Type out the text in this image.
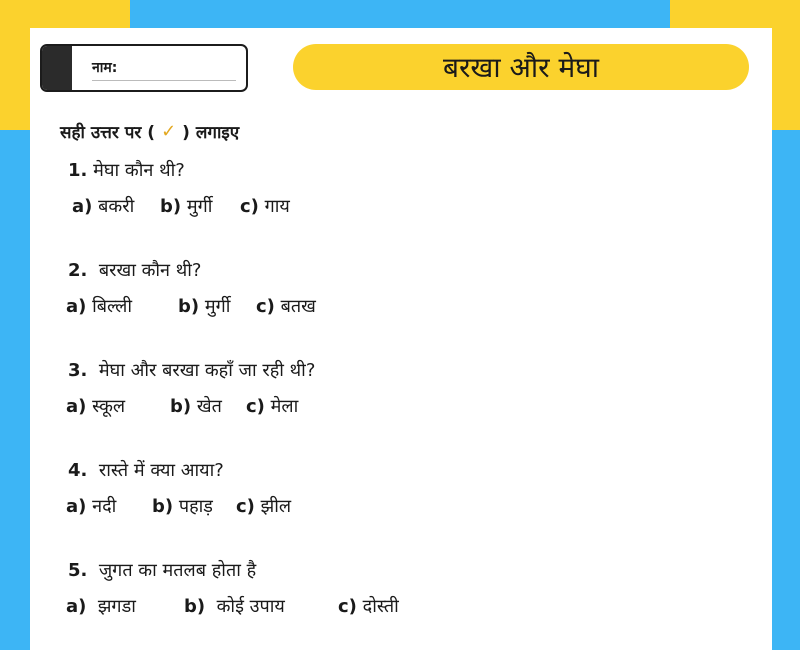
नाम:	बरखा और मेघा
सही उत्तर पर ( ✓ ) लगाइए
1. मेघा कौन थी?
a) बकरी b) मुर्गी c) गाय
2. बरखा कौन थी?
a) बिल्ली	b) मुर्गी c) बतख
3. मेघा और बरखा कहाँ जा रही थी?
a) स्कूल b) खेत c) मेला
4. रास्ते में क्या आया?
a) नदी b) पहाड़ c) झील
5. जुगत का मतलब होता है
a) झगडा	b) कोई उपाय	c) दोस्ती
